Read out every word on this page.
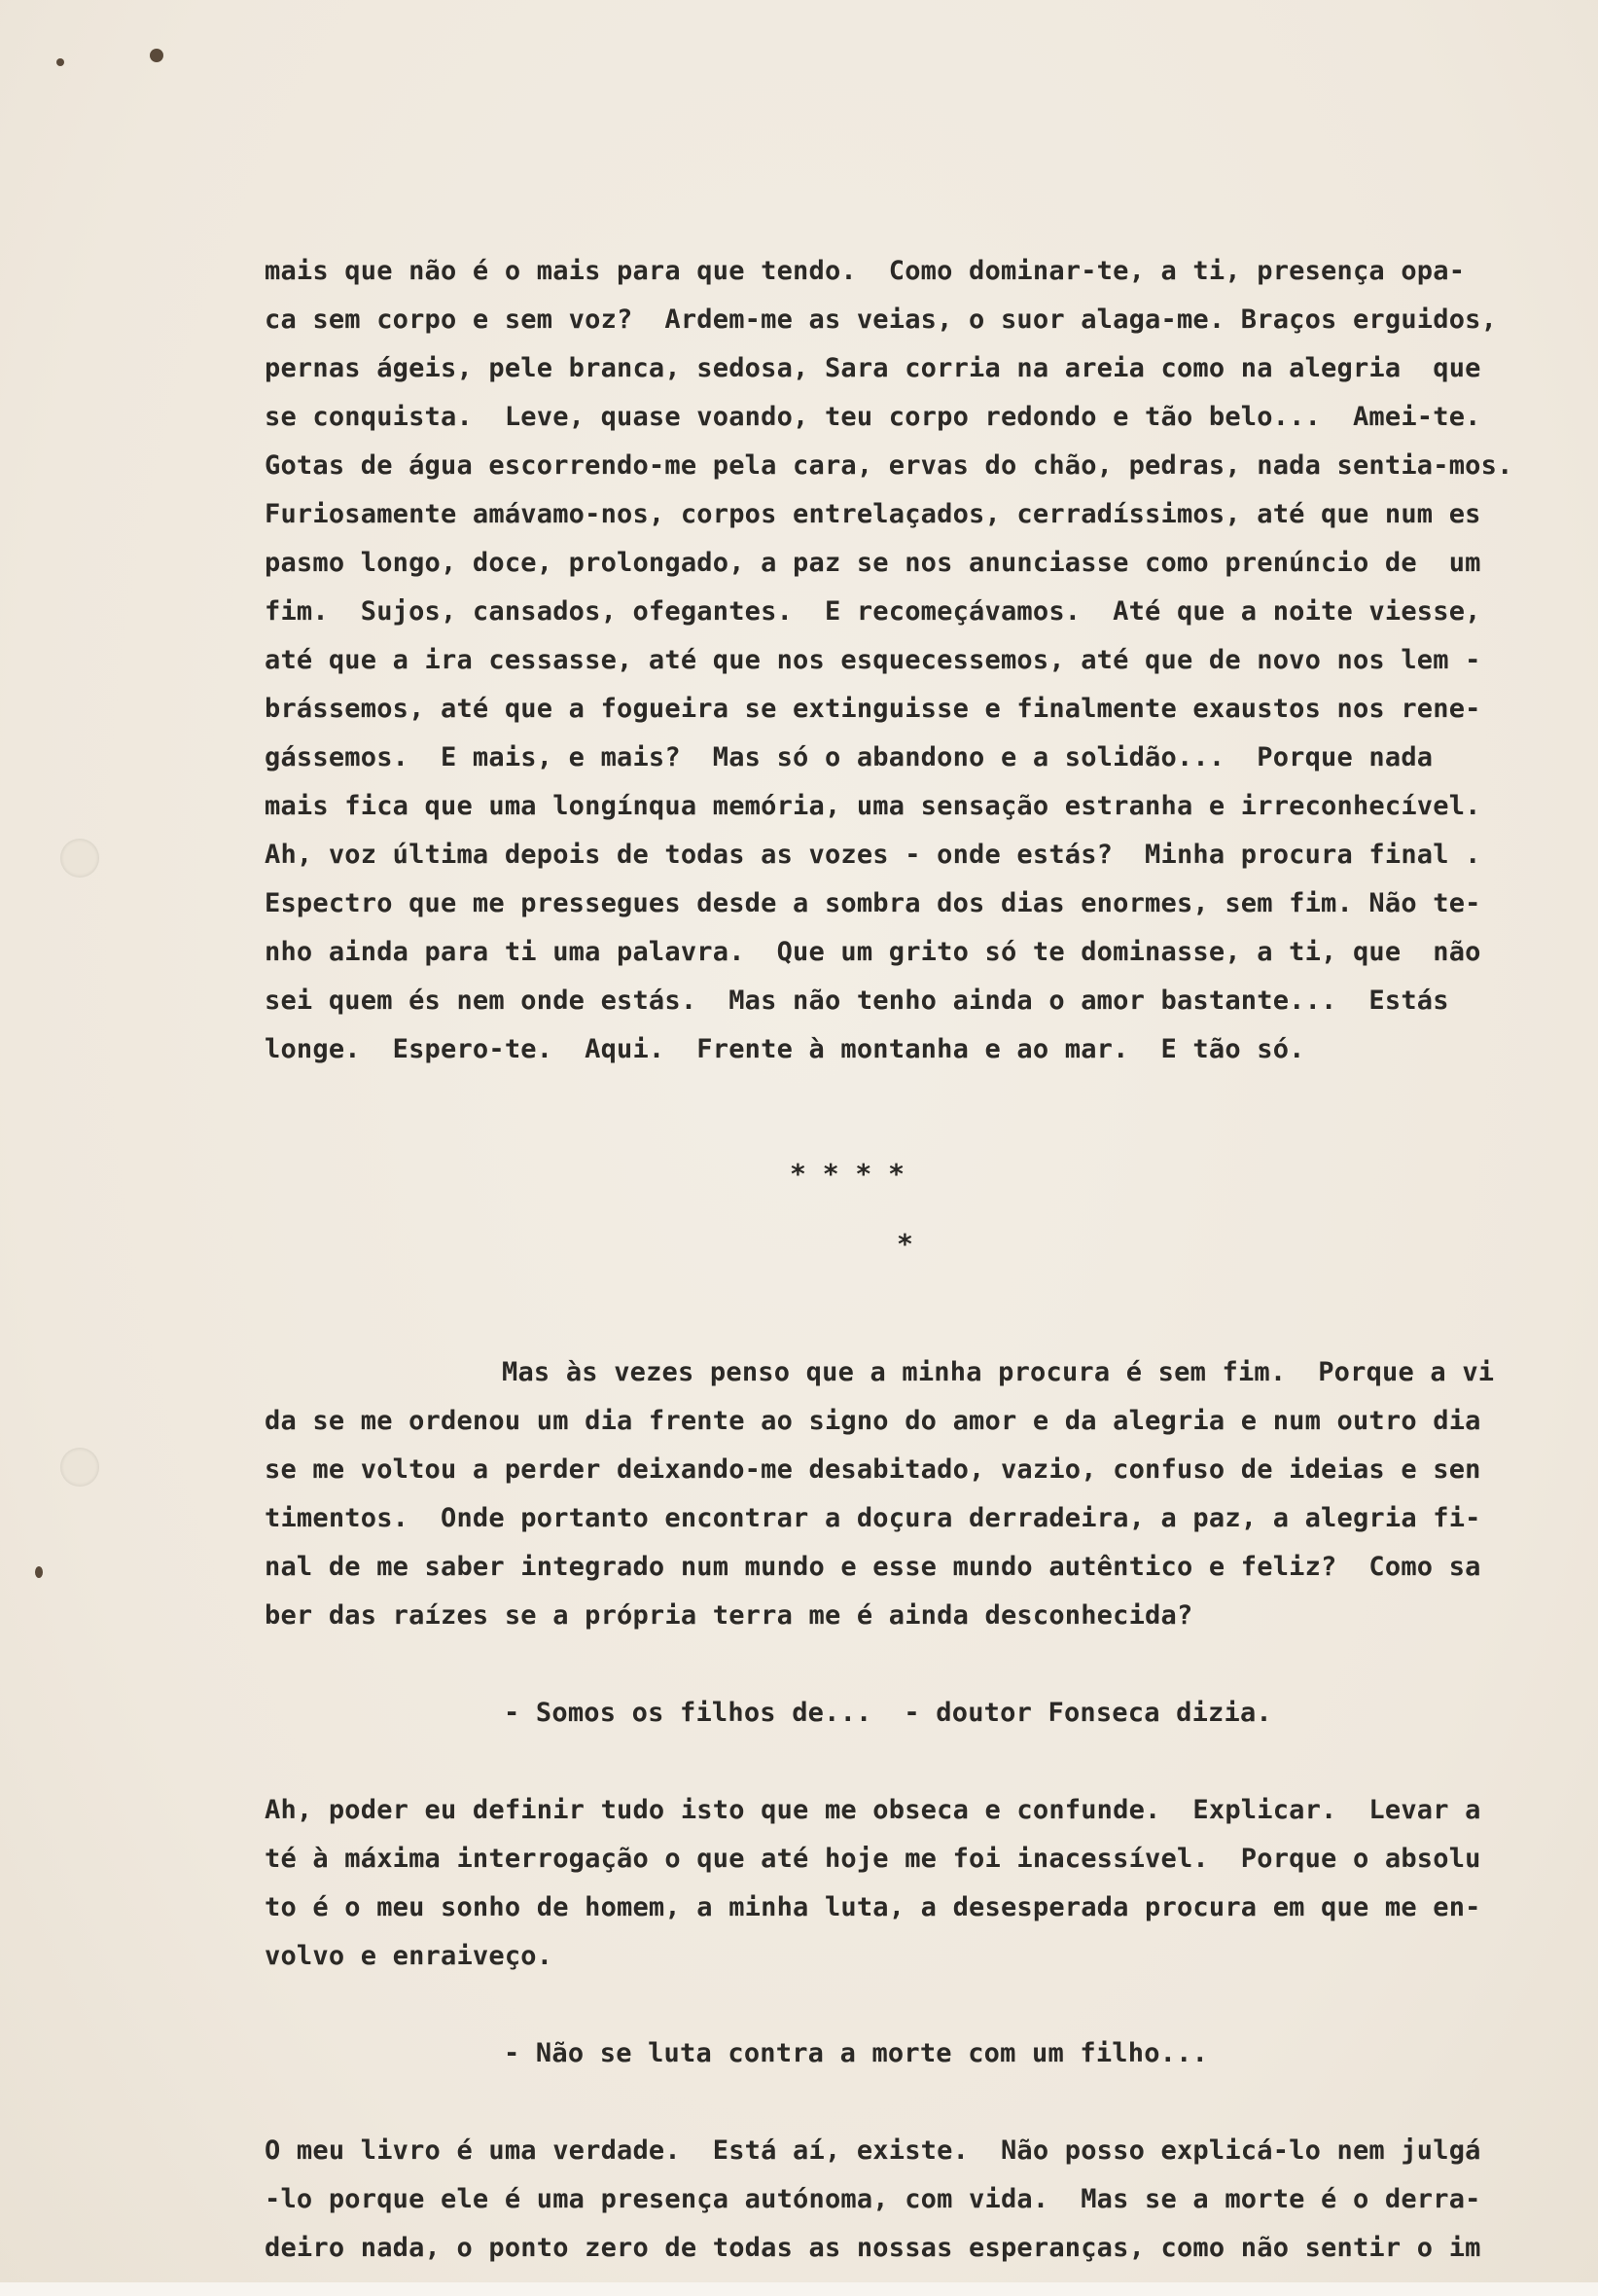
mais que não é o mais para que tendo.  Como dominar-te, a ti, presença opa-
ca sem corpo e sem voz?  Ardem-me as veias, o suor alaga-me. Braços erguidos,
pernas ágeis, pele branca, sedosa, Sara corria na areia como na alegria  que
se conquista.  Leve, quase voando, teu corpo redondo e tão belo...  Amei-te.
Gotas de água escorrendo-me pela cara, ervas do chão, pedras, nada sentia-mos.
Furiosamente amávamo-nos, corpos entrelaçados, cerradíssimos, até que num es
pasmo longo, doce, prolongado, a paz se nos anunciasse como prenúncio de  um
fim.  Sujos, cansados, ofegantes.  E recomeçávamos.  Até que a noite viesse,
até que a ira cessasse, até que nos esquecessemos, até que de novo nos lem -
brássemos, até que a fogueira se extinguisse e finalmente exaustos nos rene-
gássemos.  E mais, e mais?  Mas só o abandono e a solidão...  Porque nada
mais fica que uma longínqua memória, uma sensação estranha e irreconhecível.
Ah, voz última depois de todas as vozes - onde estás?  Minha procura final .
Espectro que me pressegues desde a sombra dos dias enormes, sem fim. Não te-
nho ainda para ti uma palavra.  Que um grito só te dominasse, a ti, que  não
sei quem és nem onde estás.  Mas não tenho ainda o amor bastante...  Estás
longe.  Espero-te.  Aqui.  Frente à montanha e ao mar.  E tão só.
* * * *
*
Mas às vezes penso que a minha procura é sem fim.  Porque a vi
da se me ordenou um dia frente ao signo do amor e da alegria e num outro dia
se me voltou a perder deixando-me desabitado, vazio, confuso de ideias e sen
timentos.  Onde portanto encontrar a doçura derradeira, a paz, a alegria fi-
nal de me saber integrado num mundo e esse mundo autêntico e feliz?  Como sa
ber das raízes se a própria terra me é ainda desconhecida?
- Somos os filhos de...  - doutor Fonseca dizia.
Ah, poder eu definir tudo isto que me obseca e confunde.  Explicar.  Levar a
té à máxima interrogação o que até hoje me foi inacessível.  Porque o absolu
to é o meu sonho de homem, a minha luta, a desesperada procura em que me en-
volvo e enraiveço.
- Não se luta contra a morte com um filho...
O meu livro é uma verdade.  Está aí, existe.  Não posso explicá-lo nem julgá
-lo porque ele é uma presença autónoma, com vida.  Mas se a morte é o derra-
deiro nada, o ponto zero de todas as nossas esperanças, como não sentir o im
